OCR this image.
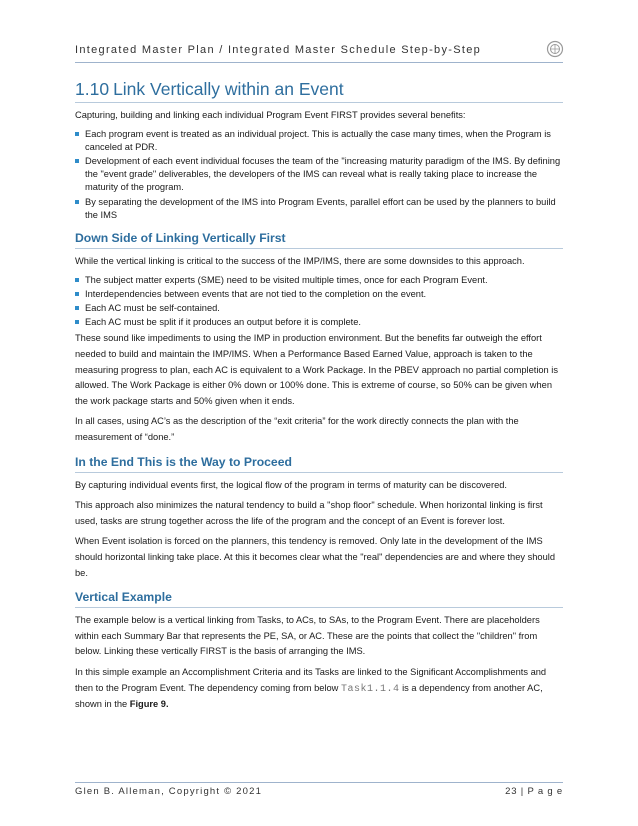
Integrated Master Plan / Integrated Master Schedule Step-by-Step
1.10 Link Vertically within an Event

Capturing, building and linking each individual Program Event FIRST provides several benefits:

Each program event is treated as an individual project. This is actually the case many times, when the Program is canceled at PDR.
Development of each event individual focuses the team of the "increasing maturity paradigm of the IMS. By defining the "event grade" deliverables, the developers of the IMS can reveal what is really taking place to increase the maturity of the program.
By separating the development of the IMS into Program Events, parallel effort can be used by the planners to build the IMS
Down Side of Linking Vertically First

While the vertical linking is critical to the success of the IMP/IMS, there are some downsides to this approach.

The subject matter experts (SME) need to be visited multiple times, once for each Program Event.
Interdependencies between events that are not tied to the completion on the event.
Each AC must be self-contained.
Each AC must be split if it produces an output before it is complete.

These sound like impediments to using the IMP in production environment. But the benefits far outweigh the effort needed to build and maintain the IMP/IMS. When a Performance Based Earned Value, approach is taken to the measuring progress to plan, each AC is equivalent to a Work Package. In the PBEV approach no partial completion is allowed. The Work Package is either 0% down or 100% done. This is extreme of course, so 50% can be given when the work package starts and 50% given when it ends.

In all cases, using AC’s as the description of the “exit criteria” for the work directly connects the plan with the measurement of “done.”

In the End This is the Way to Proceed

By capturing individual events first, the logical flow of the program in terms of maturity can be discovered.

This approach also minimizes the natural tendency to build a "shop floor" schedule. When horizontal linking is first used, tasks are strung together across the life of the program and the concept of an Event is forever lost.

When Event isolation is forced on the planners, this tendency is removed. Only late in the development of the IMS should horizontal linking take place. At this it becomes clear what the "real" dependencies are and where they should be.

Vertical Example

The example below is a vertical linking from Tasks, to ACs, to SAs, to the Program Event. There are placeholders within each Summary Bar that represents the PE, SA, or AC. These are the points that collect the "children" from below. Linking these vertically FIRST is the basis of arranging the IMS.

In this simple example an Accomplishment Criteria and its Tasks are linked to the Significant Accomplishments and then to the Program Event. The dependency coming from below Task1.1.4 is a dependency from another AC, shown in the Figure 9.

Glen B. Alleman, Copyright © 2021	23 | P a g e
